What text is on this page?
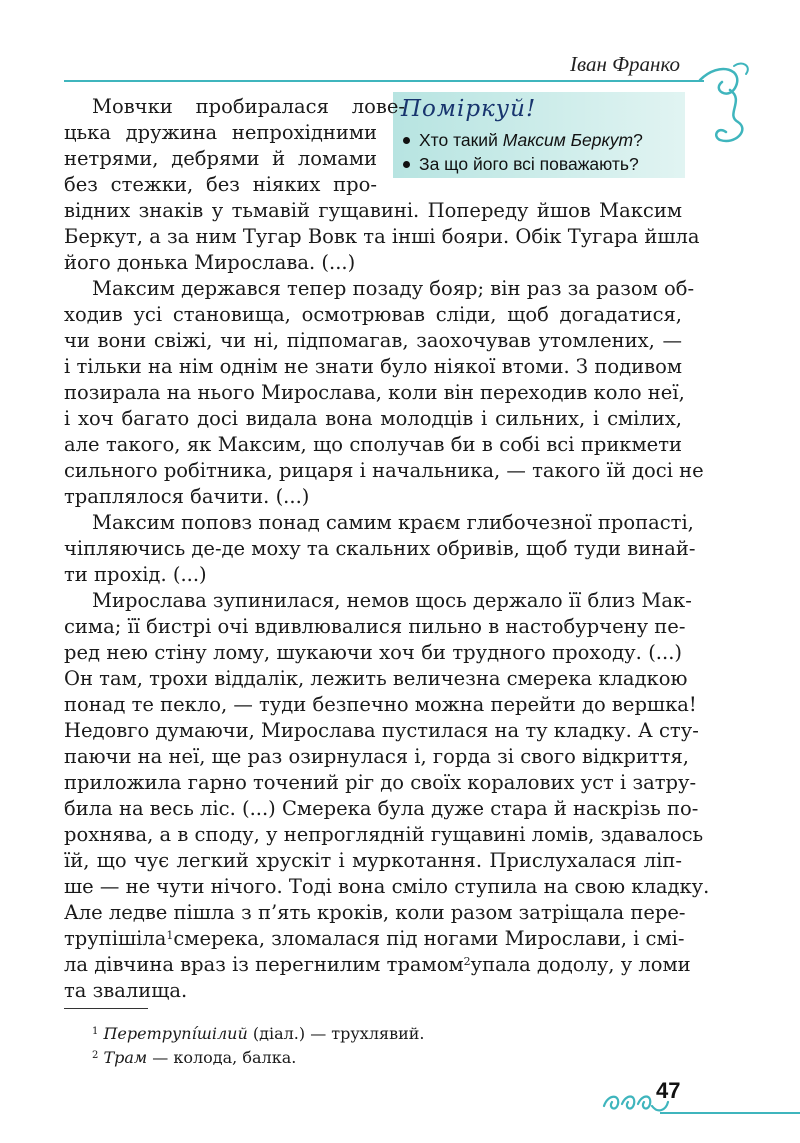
Іван Франко
Поміркуй!
Хто такий Максим Беркут?
За що його всі поважають?
Мовчки пробиралася лове-
цька дружина непрохідними
нетрями, дебрями й ломами
без стежки, без ніяких про-
відних знаків у тьмавій гущавині. Попереду йшов Максим
Беркут, а за ним Тугар Вовк та інші бояри. Обік Тугара йшла
його донька Мирослава. (...)
Максим держався тепер позаду бояр; він раз за разом об-
ходив усі становища, осмотрював сліди, щоб догадатися,
чи вони свіжі, чи ні, підпомагав, заохочував утомлених, —
і тільки на нім однім не знати було ніякої втоми. З подивом
позирала на нього Мирослава, коли він переходив коло неї,
і хоч багато досі видала вона молодців і сильних, і смілих,
але такого, як Максим, що сполучав би в собі всі прикмети
сильного робітника, рицаря і начальника, — такого їй досі не
траплялося бачити. (...)
Максим поповз понад самим краєм глибочезної пропасті,
чіпляючись де-де моху та скальних обривів, щоб туди винай-
ти прохід. (...)
Мирослава зупинилася, немов щось держало її близ Мак-
сима; її бистрі очі вдивлювалися пильно в настобурчену пе-
ред нею стіну лому, шукаючи хоч би трудного проходу. (...)
Он там, трохи віддалік, лежить величезна смерека кладкою
понад те пекло, — туди безпечно можна перейти до вершка!
Недовго думаючи, Мирослава пустилася на ту кладку. А сту-
паючи на неї, ще раз озирнулася і, горда зі свого відкриття,
приложила гарно точений ріг до своїх коралових уст і затру-
била на весь ліс. (...) Смерека була дуже стара й наскрізь по-
рохнява, а в споду, у непроглядній гущавині ломів, здавалось
їй, що чує легкий хрускіт і муркотання. Прислухалася ліп-
ше — не чути нічого. Тоді вона сміло ступила на свою кладку.
Але ледве пішла з п’ять кроків, коли разом затріщала пере-
трупішіла$^1$ смерека, зломалася під ногами Мирослави, і смі-
ла дівчина враз із перегнилим трамом$^2$ упала додолу, у ломи
та звалища.
$^1$ Перетрупі́шілий (діал.) — трухлявий.
$^2$ Трам — колода, балка.
47
